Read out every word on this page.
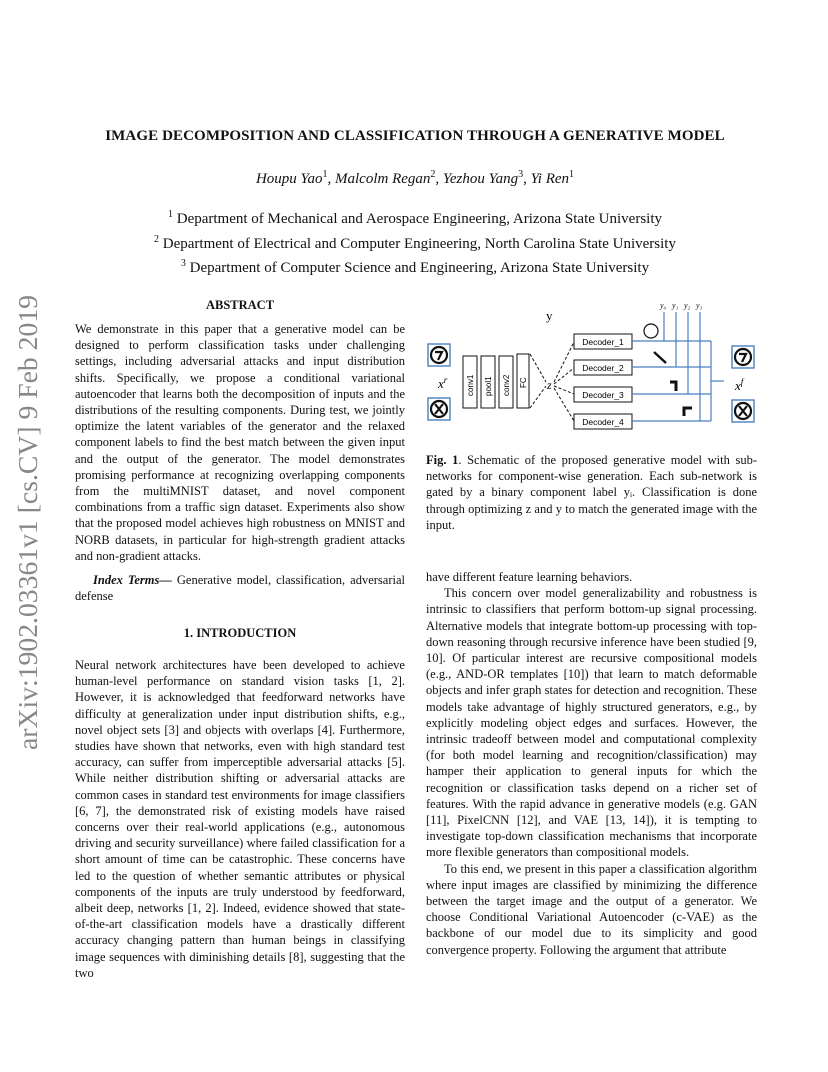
arXiv:1902.03361v1 [cs.CV] 9 Feb 2019
IMAGE DECOMPOSITION AND CLASSIFICATION THROUGH A GENERATIVE MODEL
Houpu Yao$^1$, Malcolm Regan$^2$, Yezhou Yang$^3$, Yi Ren$^1$
$^1$ Department of Mechanical and Aerospace Engineering, Arizona State University
$^2$ Department of Electrical and Computer Engineering, North Carolina State University
$^3$ Department of Computer Science and Engineering, Arizona State University
ABSTRACT
We demonstrate in this paper that a generative model can be designed to perform classification tasks under challenging settings, including adversarial attacks and input distribution shifts. Specifically, we propose a conditional variational autoencoder that learns both the decomposition of inputs and the distributions of the resulting components. During test, we jointly optimize the latent variables of the generator and the relaxed component labels to find the best match between the given input and the output of the generator. The model demonstrates promising performance at recognizing overlapping components from the multiMNIST dataset, and novel component combinations from a traffic sign dataset. Experiments also show that the proposed model achieves high robustness on MNIST and NORB datasets, in particular for high-strength gradient attacks and non-gradient attacks.
Index Terms— Generative model, classification, adversarial defense
1. INTRODUCTION

Neural network architectures have been developed to achieve human-level performance on standard vision tasks [1, 2]. However, it is acknowledged that feedforward networks have difficulty at generalization under input distribution shifts, e.g., novel object sets [3] and objects with overlaps [4]. Furthermore, studies have shown that networks, even with high standard test accuracy, can suffer from imperceptible adversarial attacks [5]. While neither distribution shifting or adversarial attacks are common cases in standard test environments for image classifiers [6, 7], the demonstrated risk of existing models have raised concerns over their real-world applications (e.g., autonomous driving and security surveillance) where failed classification for a short amount of time can be catastrophic. These concerns have led to the question of whether semantic attributes or physical components of the inputs are truly understood by feedforward, albeit deep, networks [1, 2]. Indeed, evidence showed that state-of-the-art classification models have a drastically different accuracy changing pattern than human beings in classifying image sequences with diminishing details [8], suggesting that the two

$x^r$ conv1 pool1 conv2 FC z
y
Decoder_1
Decoder_2
Decoder_3
Decoder_4
y₀ y₁ y₂ y₃
$x^f$
Fig. 1. Schematic of the proposed generative model with sub-networks for component-wise generation. Each sub-network is gated by a binary component label yᵢ. Classification is done through optimizing z and y to match the generated image with the input.

have different feature learning behaviors.

This concern over model generalizability and robustness is intrinsic to classifiers that perform bottom-up signal processing. Alternative models that integrate bottom-up processing with top-down reasoning through recursive inference have been studied [9, 10]. Of particular interest are recursive compositional models (e.g., AND-OR templates [10]) that learn to match deformable objects and infer graph states for detection and recognition. These models take advantage of highly structured generators, e.g., by explicitly modeling object edges and surfaces. However, the intrinsic tradeoff between model and computational complexity (for both model learning and recognition/classification) may hamper their application to general inputs for which the recognition or classification tasks depend on a richer set of features. With the rapid advance in generative models (e.g. GAN [11], PixelCNN [12], and VAE [13, 14]), it is tempting to investigate top-down classification mechanisms that incorporate more flexible generators than compositional models.

To this end, we present in this paper a classification algorithm where input images are classified by minimizing the difference between the target image and the output of a generator. We choose Conditional Variational Autoencoder (c-VAE) as the backbone of our model due to its simplicity and good convergence property. Following the argument that attribute
